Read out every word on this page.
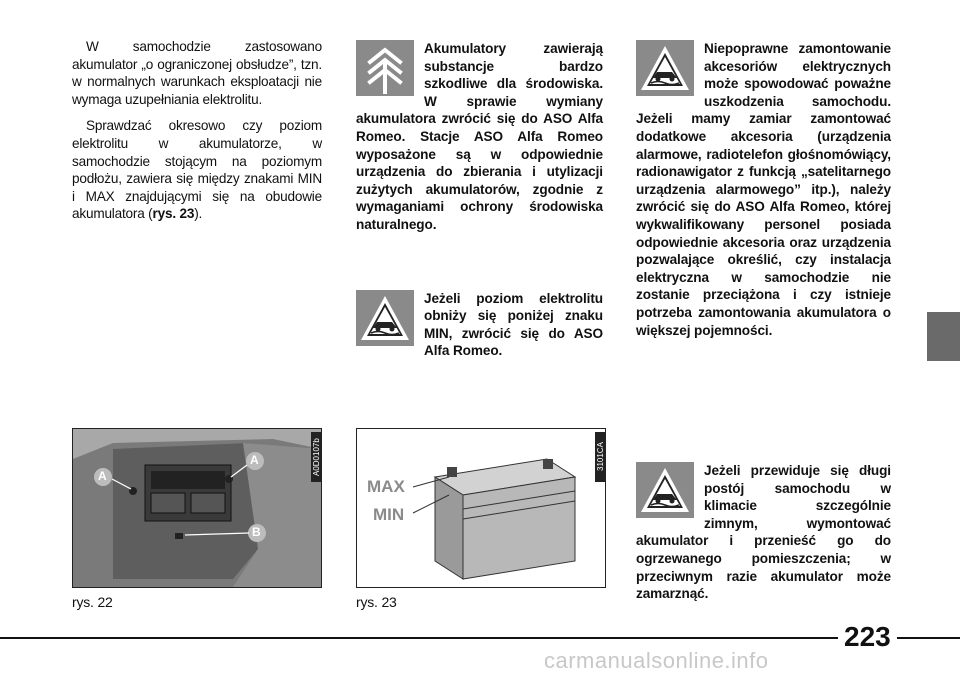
W samochodzie zastosowano akumulator „o ograniczonej obsłudze”, tzn. w normalnych warunkach eksploatacji nie wymaga uzupełniania elektrolitu.

Sprawdzać okresowo czy poziom elektrolitu w akumulatorze, w samochodzie stojącym na poziomym podłożu, zawiera się między znakami MIN i MAX znajdującymi się na obudowie akumulatora (rys. 23).

Akumulatory zawierają substancje bardzo szkodliwe dla środowiska. W sprawie wymiany akumulatora zwrócić się do ASO Alfa Romeo. Stacje ASO Alfa Romeo wyposażone są w odpowiednie urządzenia do zbierania i utylizacji zużytych akumulatorów, zgodnie z wymaganiami ochrony środowiska naturalnego.

Jeżeli poziom elektrolitu obniży się poniżej znaku MIN, zwrócić się do ASO Alfa Romeo.

Niepoprawne zamontowanie akcesoriów elektrycznych może spowodować poważne uszkodzenia samochodu. Jeżeli mamy zamiar zamontować dodatkowe akcesoria (urządzenia alarmowe, radiotelefon głośnomówiący, radionawigator z funkcją „satelitarnego urządzenia alarmowego” itp.), należy zwrócić się do ASO Alfa Romeo, której wykwalifikowany personel posiada odpowiednie akcesoria oraz urządzenia pozwalające określić, czy instalacja elektryczna w samochodzie nie zostanie przeciążona i czy istnieje potrzeba zamontowania akumulatora o większej pojemności.

Jeżeli przewiduje się długi postój samochodu w klimacie szczególnie zimnym, wymontować akumulator i przenieść go do ogrzewanego pomieszczenia; w przeciwnym razie akumulator może zamarznąć.

A
A
B
A0D0107b
rys. 22
MAX
MIN
3101CA
rys. 23
223
carmanualsonline.info
